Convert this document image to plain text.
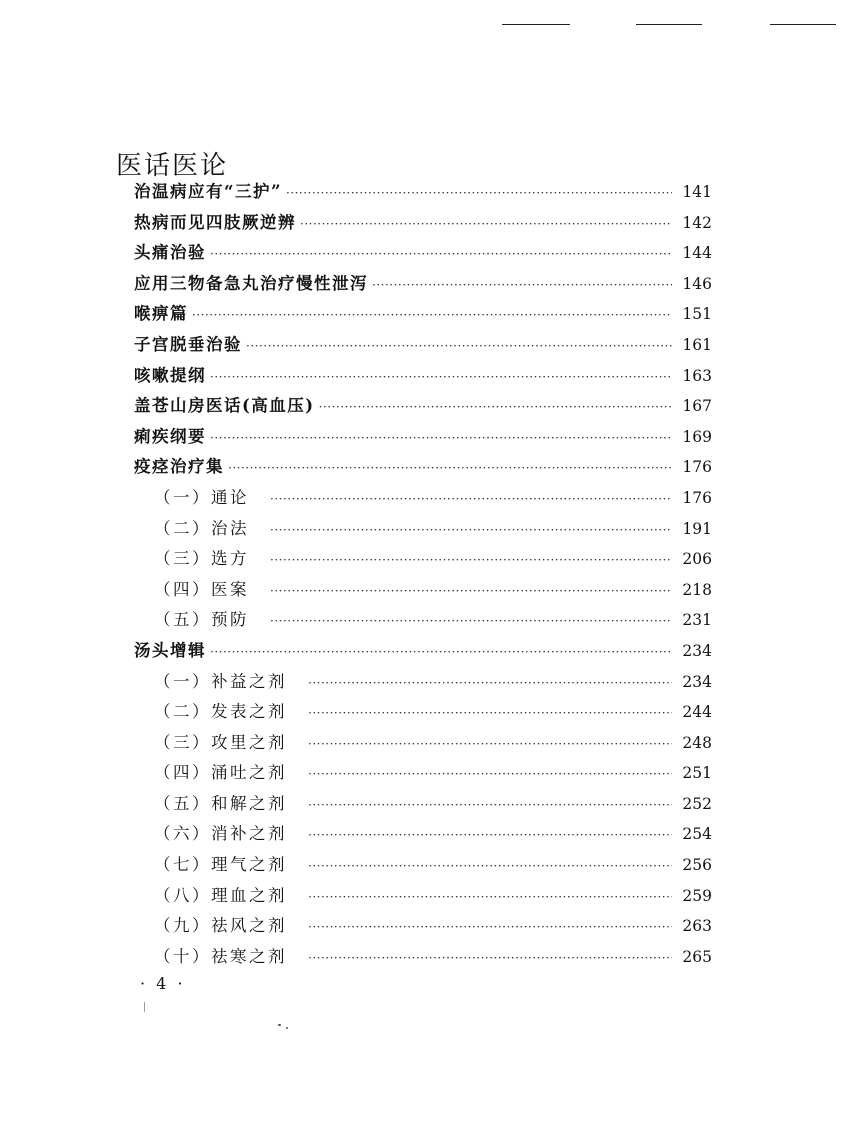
医话医论
治温病应有“三护” ·····	141
热病而见四肢厥逆辨 ·····	142
头痛治验 ·····	144
应用三物备急丸治疗慢性泄泻 ·····	146
喉痹篇 ·····	151
子宫脱垂治验 ·····	161
咳嗽提纲 ·····	163
盖苍山房医话(高血压) ·····	167
痢疾纲要 ·····	169
疫痉治疗集 ·····	176
（一）通论 ·····	176
（二）治法 ·····	191
（三）选方 ·····	206
（四）医案 ·····	218
（五）预防 ·····	231
汤头增辑 ·····	234
（一）补益之剂 ·····	234
（二）发表之剂 ·····	244
（三）攻里之剂 ·····	248
（四）涌吐之剂 ·····	251
（五）和解之剂 ·····	252
（六）消补之剂 ·····	254
（七）理气之剂 ·····	256
（八）理血之剂 ·····	259
（九）祛风之剂 ·····	263
（十）祛寒之剂 ·····	265
· 4 ·
